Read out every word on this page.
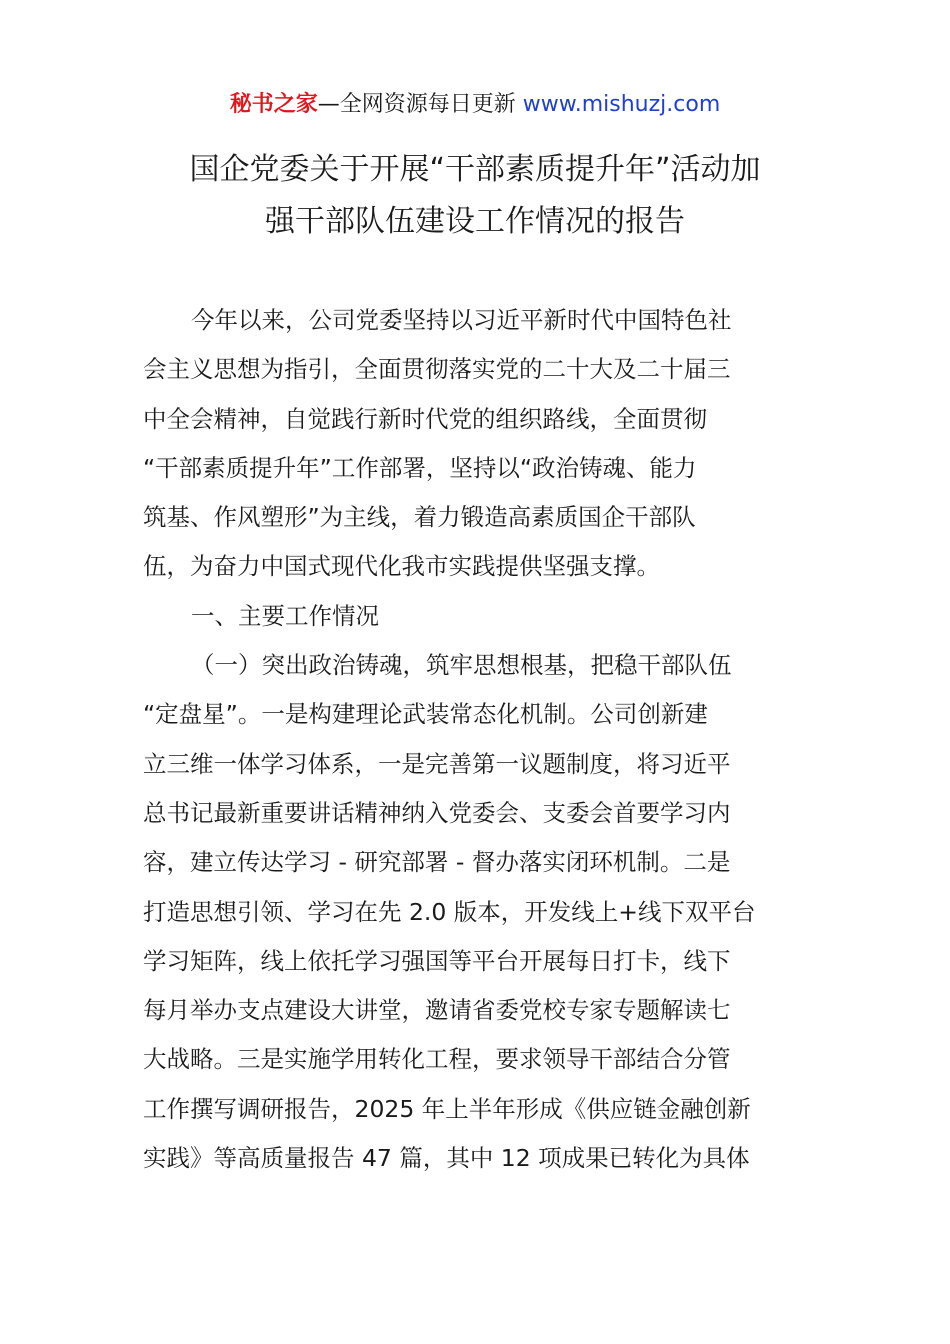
秘书之家—全网资源每日更新 www.mishuzj.com
国企党委关于开展“干部素质提升年”活动加
强干部队伍建设工作情况的报告
今年以来，公司党委坚持以习近平新时代中国特色社
会主义思想为指引，全面贯彻落实党的二十大及二十届三
中全会精神，自觉践行新时代党的组织路线，全面贯彻
“干部素质提升年”工作部署，坚持以“政治铸魂、能力
筑基、作风塑形”为主线，着力锻造高素质国企干部队
伍，为奋力中国式现代化我市实践提供坚强支撑。
一、主要工作情况
（一）突出政治铸魂，筑牢思想根基，把稳干部队伍
“定盘星”。一是构建理论武装常态化机制。公司创新建
立三维一体学习体系，一是完善第一议题制度，将习近平
总书记最新重要讲话精神纳入党委会、支委会首要学习内
容，建立传达学习 - 研究部署 - 督办落实闭环机制。二是
打造思想引领、学习在先 2.0 版本，开发线上+线下双平台
学习矩阵，线上依托学习强国等平台开展每日打卡，线下
每月举办支点建设大讲堂，邀请省委党校专家专题解读七
大战略。三是实施学用转化工程，要求领导干部结合分管
工作撰写调研报告，2025 年上半年形成《供应链金融创新
实践》等高质量报告 47 篇，其中 12 项成果已转化为具体
